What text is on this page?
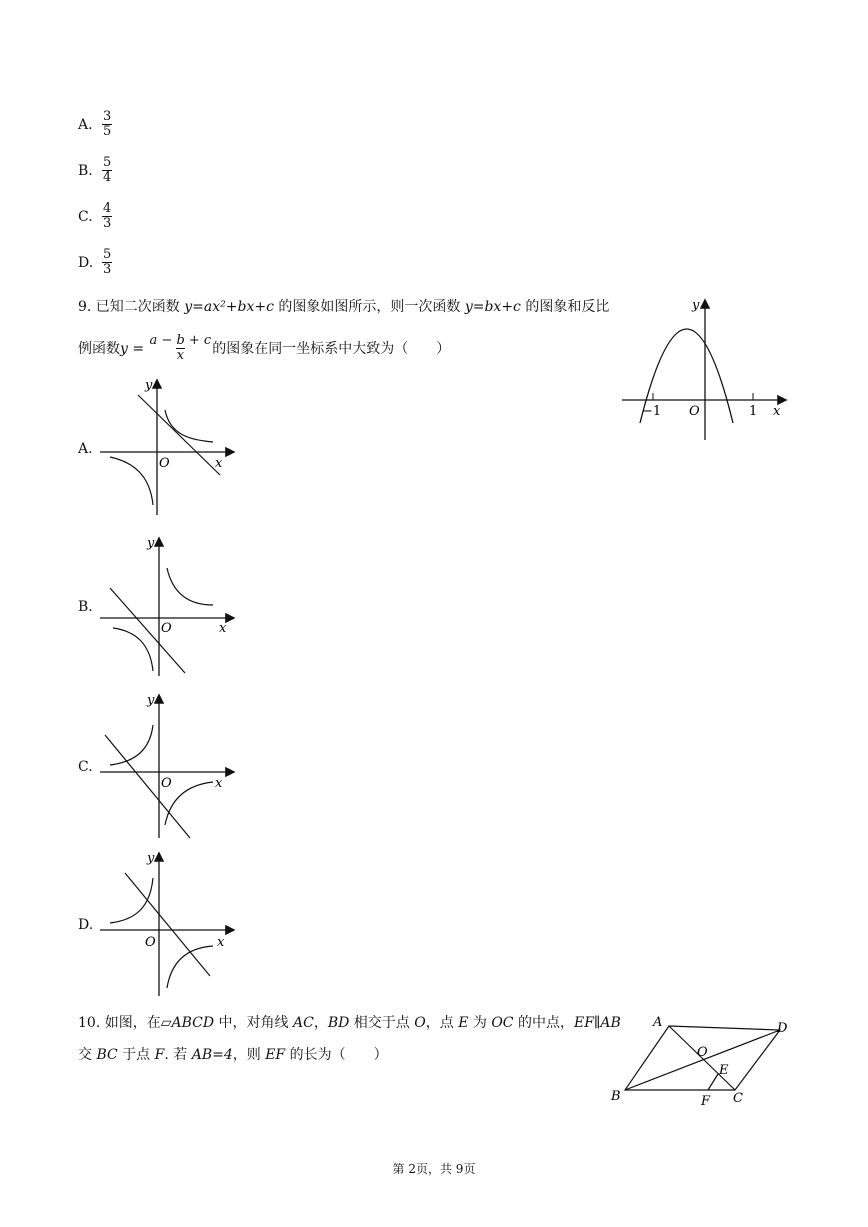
A. $\frac{3}{5}$
B. $\frac{5}{4}$
C. $\frac{4}{3}$
D. $\frac{5}{3}$
9. 已知二次函数 y=ax²+bx+c 的图象如图所示，则一次函数 y=bx+c 的图象和反比
例函数 y =
$\frac{a - b + c}{x}$ 的图象在同一坐标系中大致为（　　）
−1 O	1 x
y
A.
O	x
y
B.
O	x
y
C.
O	x
y
D.
O	x
y
10. 如图，在▱ABCD 中，对角线 AC，BD 相交于点 O，点 E 为 OC 的中点，EF∥AB
交 BC 于点 F. 若 AB=4，则 EF 的长为（　　）
A	D
O
E
B	F C
第 2页，共 9页
